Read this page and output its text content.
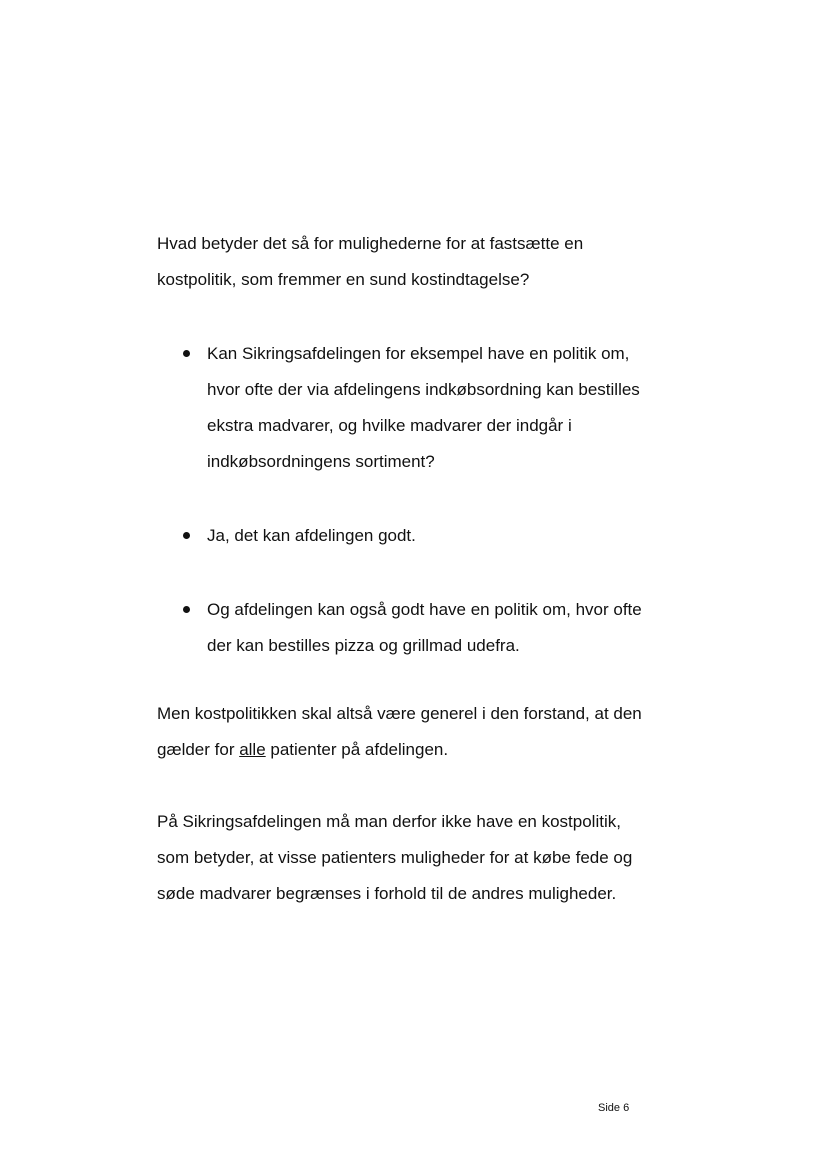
Hvad betyder det så for mulighederne for at fastsætte en
kostpolitik, som fremmer en sund kostindtagelse?

Kan Sikringsafdelingen for eksempel have en politik om,
hvor ofte der via afdelingens indkøbsordning kan bestilles
ekstra madvarer, og hvilke madvarer der indgår i
indkøbsordningens sortiment?
Ja, det kan afdelingen godt.
Og afdelingen kan også godt have en politik om, hvor ofte
der kan bestilles pizza og grillmad udefra.

Men kostpolitikken skal altså være generel i den forstand, at den
gælder for alle patienter på afdelingen.

På Sikringsafdelingen må man derfor ikke have en kostpolitik,
som betyder, at visse patienters muligheder for at købe fede og
søde madvarer begrænses i forhold til de andres muligheder.

Side 6
